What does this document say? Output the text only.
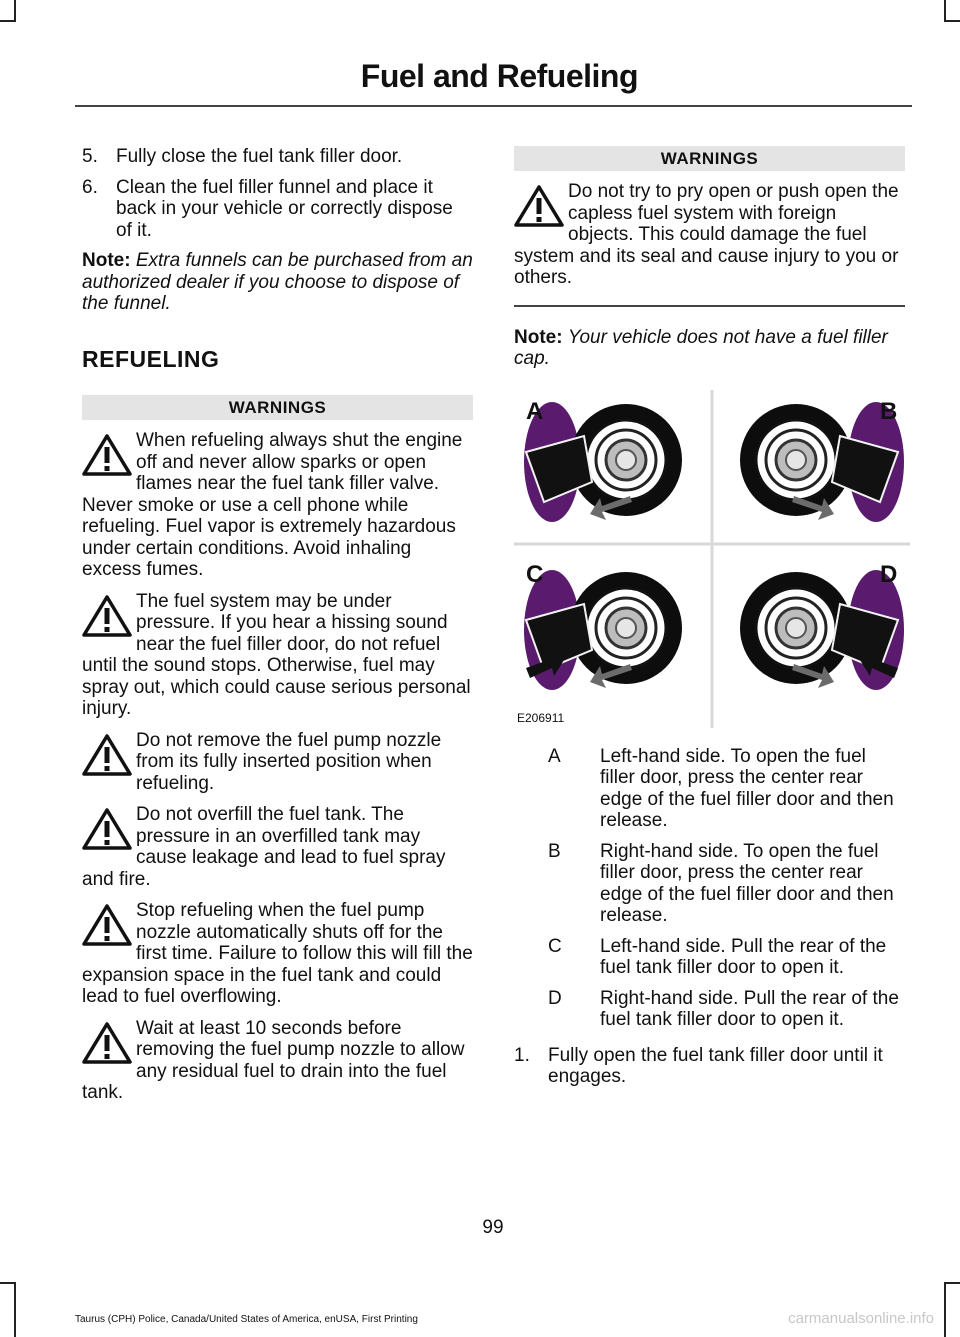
Fuel and Refueling
5. Fully close the fuel tank filler door.
6. Clean the fuel filler funnel and place it back in your vehicle or correctly dispose of it.

Note: Extra funnels can be purchased from an authorized dealer if you choose to dispose of the funnel.

REFUELING
WARNINGS

When refueling always shut the engine off and never allow sparks or open flames near the fuel tank filler valve. Never smoke or use a cell phone while refueling. Fuel vapor is extremely hazardous under certain conditions. Avoid inhaling excess fumes.

The fuel system may be under pressure. If you hear a hissing sound near the fuel filler door, do not refuel until the sound stops. Otherwise, fuel may spray out, which could cause serious personal injury.

Do not remove the fuel pump nozzle from its fully inserted position when refueling.

Do not overfill the fuel tank. The pressure in an overfilled tank may cause leakage and lead to fuel spray and fire.

Stop refueling when the fuel pump nozzle automatically shuts off for the first time. Failure to follow this will fill the expansion space in the fuel tank and could lead to fuel overflowing.

Wait at least 10 seconds before removing the fuel pump nozzle to allow any residual fuel to drain into the fuel tank.

WARNINGS

Do not try to pry open or push open the capless fuel system with foreign objects. This could damage the fuel system and its seal and cause injury to you or others.

Note: Your vehicle does not have a fuel filler cap.

A	B
C	D
E206911
A	Left-hand side. To open the fuel filler door, press the center rear edge of the fuel filler door and then release.
B	Right-hand side. To open the fuel filler door, press the center rear edge of the fuel filler door and then release.
C	Left-hand side. Pull the rear of the fuel tank filler door to open it.
D	Right-hand side. Pull the rear of the fuel tank filler door to open it.
1. Fully open the fuel tank filler door until it engages.
99
Taurus (CPH) Police, Canada/United States of America, enUSA, First Printing	carmanualsonline.info
